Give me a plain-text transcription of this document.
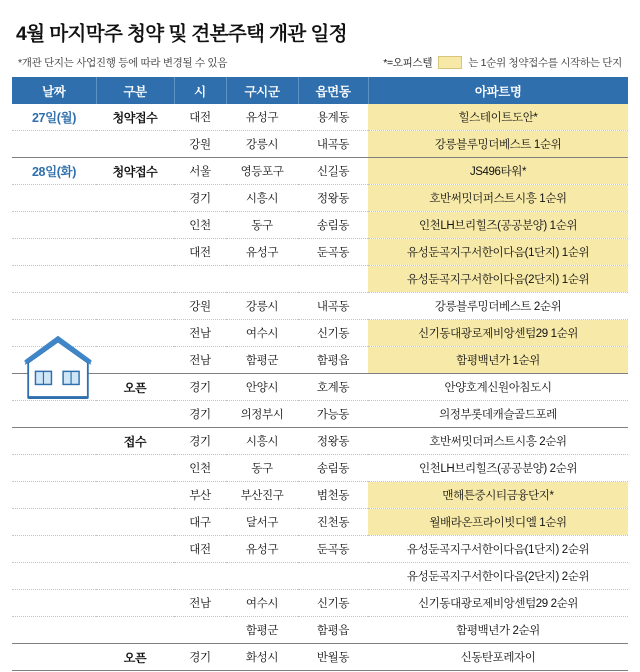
4월 마지막주 청약 및 견본주택 개관 일정
*개관 단지는 사업진행 등에 따라 변경될 수 있음	*=오피스텔	는 1순위 청약접수를 시작하는 단지
날짜	구분	시	구시군	읍면동	아파트명
27일(월)	청약접수	대전	유성구	용계동	힐스테이트도안*
		강원	강릉시	내곡동	강릉블루밍더베스트 1순위
28일(화)	청약접수	서울	영등포구	신길동	JS496타워*
		경기	시흥시	정왕동	호반써밋더퍼스트시흥 1순위
		인천	동구	송림동	인천LH브리힐즈(공공분양) 1순위
		대전	유성구	둔곡동	유성둔곡지구서한이다음(1단지) 1순위
					유성둔곡지구서한이다음(2단지) 1순위
		강원	강릉시	내곡동	강릉블루밍더베스트 2순위
		전남	여수시	신기동	신기동대광로제비앙센텀29 1순위
		전남	함평군	함평읍	함평백년가 1순위
	오픈	경기	안양시	호계동	안양호계신원아침도시
		경기	의정부시	가능동	의정부롯데캐슬골드포레
	접수	경기	시흥시	정왕동	호반써밋더퍼스트시흥 2순위
		인천	동구	송림동	인천LH브리힐즈(공공분양) 2순위
		부산	부산진구	범천동	맨해튼중시티금융단지*
		대구	달서구	진천동	월배라온프라이빗디엘 1순위
		대전	유성구	둔곡동	유성둔곡지구서한이다음(1단지) 2순위
					유성둔곡지구서한이다음(2단지) 2순위
		전남	여수시	신기동	신기동대광로제비앙센텀29 2순위
			함평군	함평읍	함평백년가 2순위
	오픈	경기	화성시	반월동	신동탄포레자이
